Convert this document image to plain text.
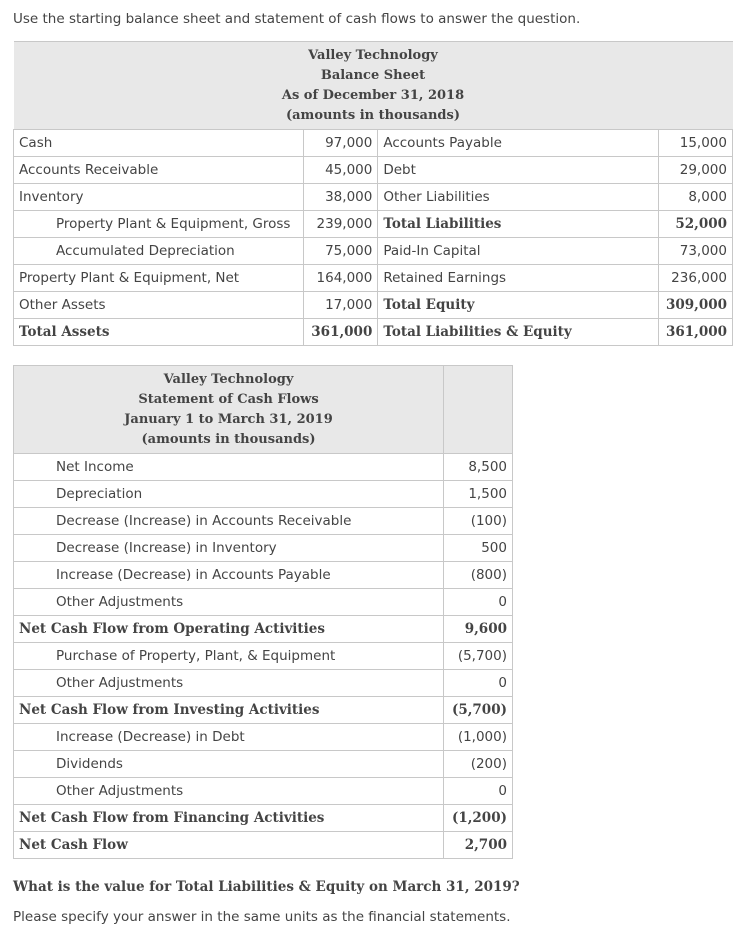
Use the starting balance sheet and statement of cash flows to answer the question.
Valley Technology
Balance Sheet
As of December 31, 2018
(amounts in thousands)			

Cash	97,000	Accounts Payable	15,000
Accounts Receivable	45,000	Debt	29,000
Inventory	38,000	Other Liabilities	8,000
Property Plant & Equipment, Gross	239,000	Total Liabilities	52,000
Accumulated Depreciation	75,000	Paid-In Capital	73,000
Property Plant & Equipment, Net	164,000	Retained Earnings	236,000
Other Assets	17,000	Total Equity	309,000
Total Assets	361,000	Total Liabilities & Equity	361,000
Valley Technology
Statement of Cash Flows
January 1 to March 31, 2019
(amounts in thousands)	

Net Income	8,500
Depreciation	1,500
Decrease (Increase) in Accounts Receivable	(100)
Decrease (Increase) in Inventory	500
Increase (Decrease) in Accounts Payable	(800)
Other Adjustments	0
Net Cash Flow from Operating Activities	9,600
Purchase of Property, Plant, & Equipment	(5,700)
Other Adjustments	0
Net Cash Flow from Investing Activities	(5,700)
Increase (Decrease) in Debt	(1,000)
Dividends	(200)
Other Adjustments	0
Net Cash Flow from Financing Activities	(1,200)
Net Cash Flow	2,700
What is the value for Total Liabilities & Equity on March 31, 2019?
Please specify your answer in the same units as the financial statements.
